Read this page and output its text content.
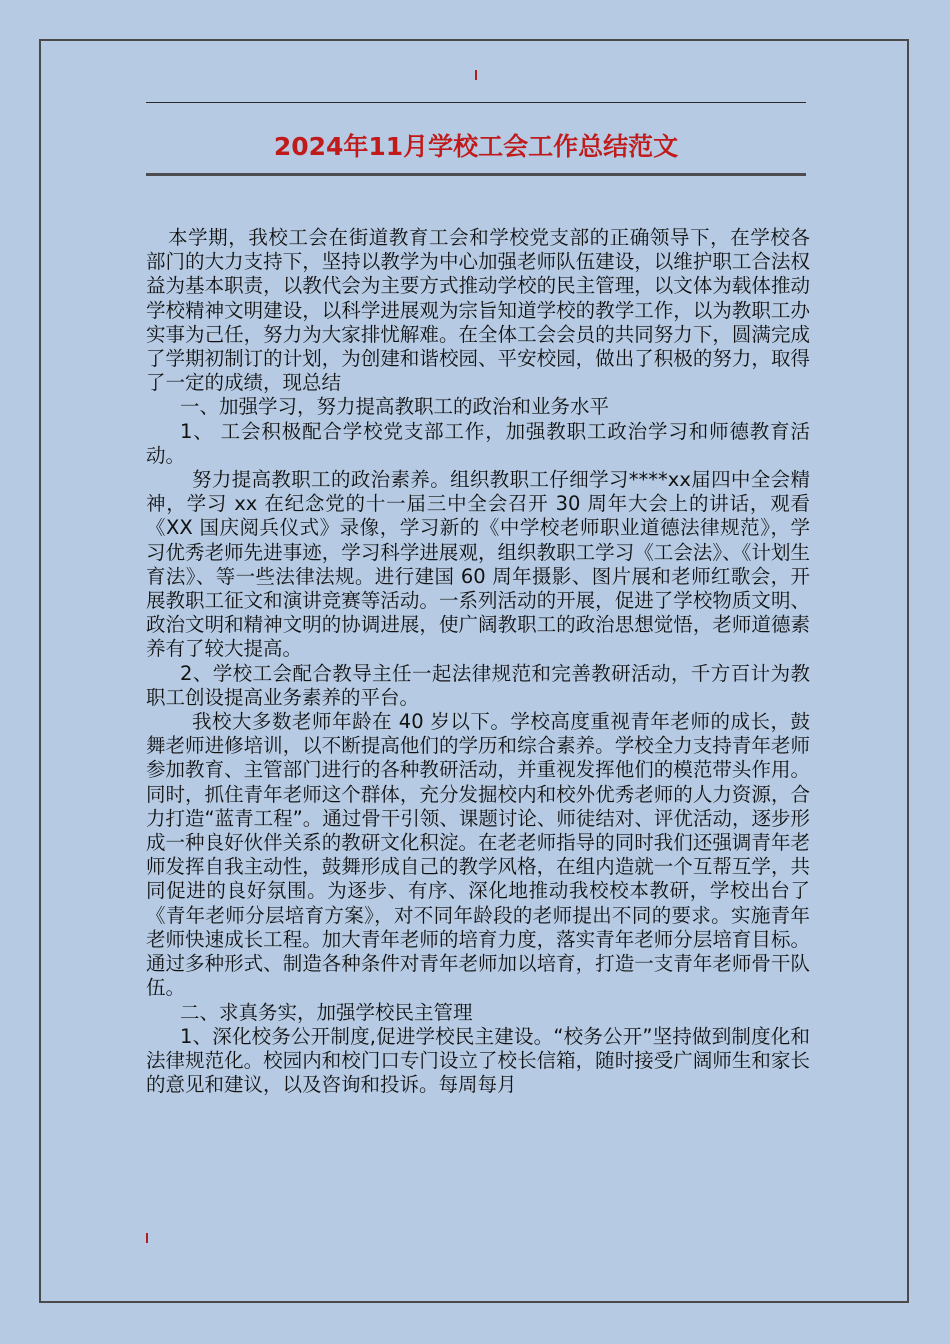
2024年11月学校工会工作总结范文

本学期，我校工会在街道教育工会和学校党支部的正确领导下，在学校各部门的大力支持下，坚持以教学为中心加强老师队伍建设，以维护职工合法权益为基本职责，以教代会为主要方式推动学校的民主管理，以文体为载体推动学校精神文明建设，以科学进展观为宗旨知道学校的教学工作，以为教职工办实事为己任，努力为大家排忧解难。在全体工会会员的共同努力下，圆满完成了学期初制订的计划，为创建和谐校园、平安校园，做出了积极的努力，取得了一定的成绩，现总结

一、加强学习，努力提高教职工的政治和业务水平

1、 工会积极配合学校党支部工作，加强教职工政治学习和师德教育活动。

努力提高教职工的政治素养。组织教职工仔细学习****xx届四中全会精神，学习 xx 在纪念党的十一届三中全会召开 30 周年大会上的讲话，观看《XX 国庆阅兵仪式》录像，学习新的《中学校老师职业道德法律规范》，学习优秀老师先进事迹，学习科学进展观，组织教职工学习《工会法》、《计划生育法》、等一些法律法规。进行建国 60 周年摄影、图片展和老师红歌会，开展教职工征文和演讲竞赛等活动。一系列活动的开展，促进了学校物质文明、政治文明和精神文明的协调进展，使广阔教职工的政治思想觉悟，老师道德素养有了较大提高。

2、学校工会配合教导主任一起法律规范和完善教研活动，千方百计为教职工创设提高业务素养的平台。

我校大多数老师年龄在 40 岁以下。学校高度重视青年老师的成长，鼓舞老师进修培训，以不断提高他们的学历和综合素养。学校全力支持青年老师参加教育、主管部门进行的各种教研活动，并重视发挥他们的模范带头作用。同时，抓住青年老师这个群体，充分发掘校内和校外优秀老师的人力资源，合力打造“蓝青工程”。通过骨干引领、课题讨论、师徒结对、评优活动，逐步形成一种良好伙伴关系的教研文化积淀。在老老师指导的同时我们还强调青年老师发挥自我主动性，鼓舞形成自己的教学风格，在组内造就一个互帮互学，共同促进的良好氛围。为逐步、有序、深化地推动我校校本教研，学校出台了《青年老师分层培育方案》，对不同年龄段的老师提出不同的要求。实施青年老师快速成长工程。加大青年老师的培育力度，落实青年老师分层培育目标。通过多种形式、制造各种条件对青年老师加以培育，打造一支青年老师骨干队伍。

二、求真务实，加强学校民主管理

1、深化校务公开制度,促进学校民主建设。“校务公开”坚持做到制度化和法律规范化。校园内和校门口专门设立了校长信箱，随时接受广阔师生和家长的意见和建议，以及咨询和投诉。每周每月
